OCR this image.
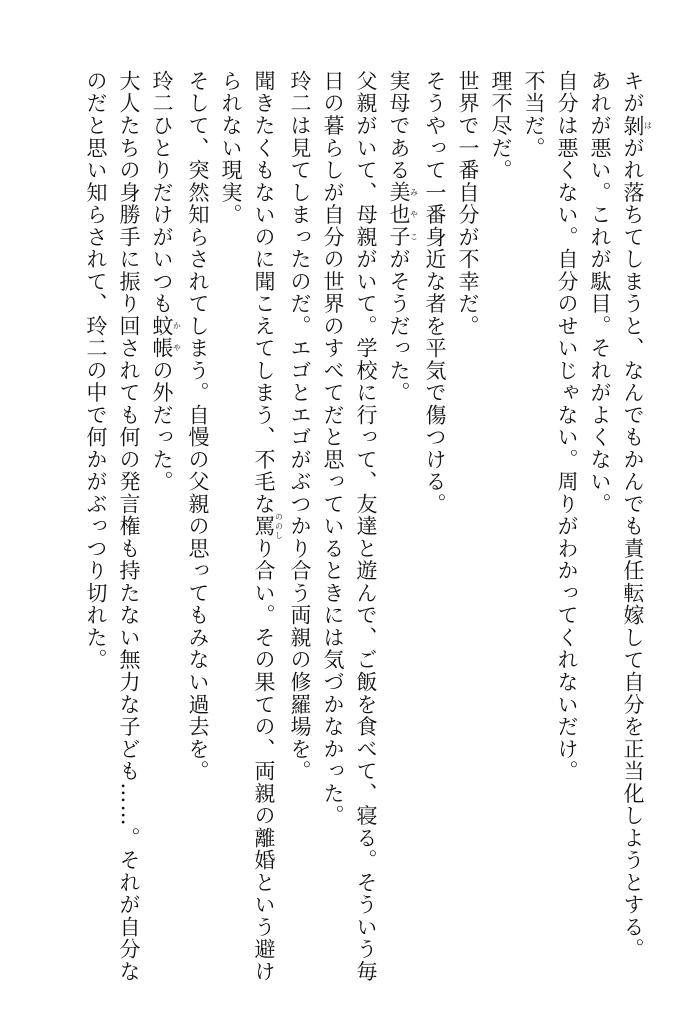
キが剝はがれ落ちてしまうと、なんでもかんでも責任転嫁して自分を正当化しようとする。

あれが悪い。これが駄目。それがよくない。

自分は悪くない。自分のせいじゃない。周りがわかってくれないだけ。

不当だ。

理不尽だ。

世界で一番自分が不幸だ。

そうやって一番身近な者を平気で傷つける。

実母である美也子みやこがそうだった。

父親がいて、母親がいて。学校に行って、友達と遊んで、ご飯を食べて、寝る。そういう毎

日の暮らしが自分の世界のすべてだと思っているときには気づかなかった。

玲二は見てしまったのだ。エゴとエゴがぶつかり合う両親の修羅場を。

聞きたくもないのに聞こえてしまう、不毛な罵ののしり合い。その果ての、両親の離婚という避け

られない現実。

そして、突然知らされてしまう。自慢の父親の思ってもみない過去を。

玲二ひとりだけがいつも蚊帳かやの外だった。

大人たちの身勝手に振り回されても何の発言権も持たない無力な子ども……。それが自分な

のだと思い知らされて、玲二の中で何かがぶっつり切れた。
